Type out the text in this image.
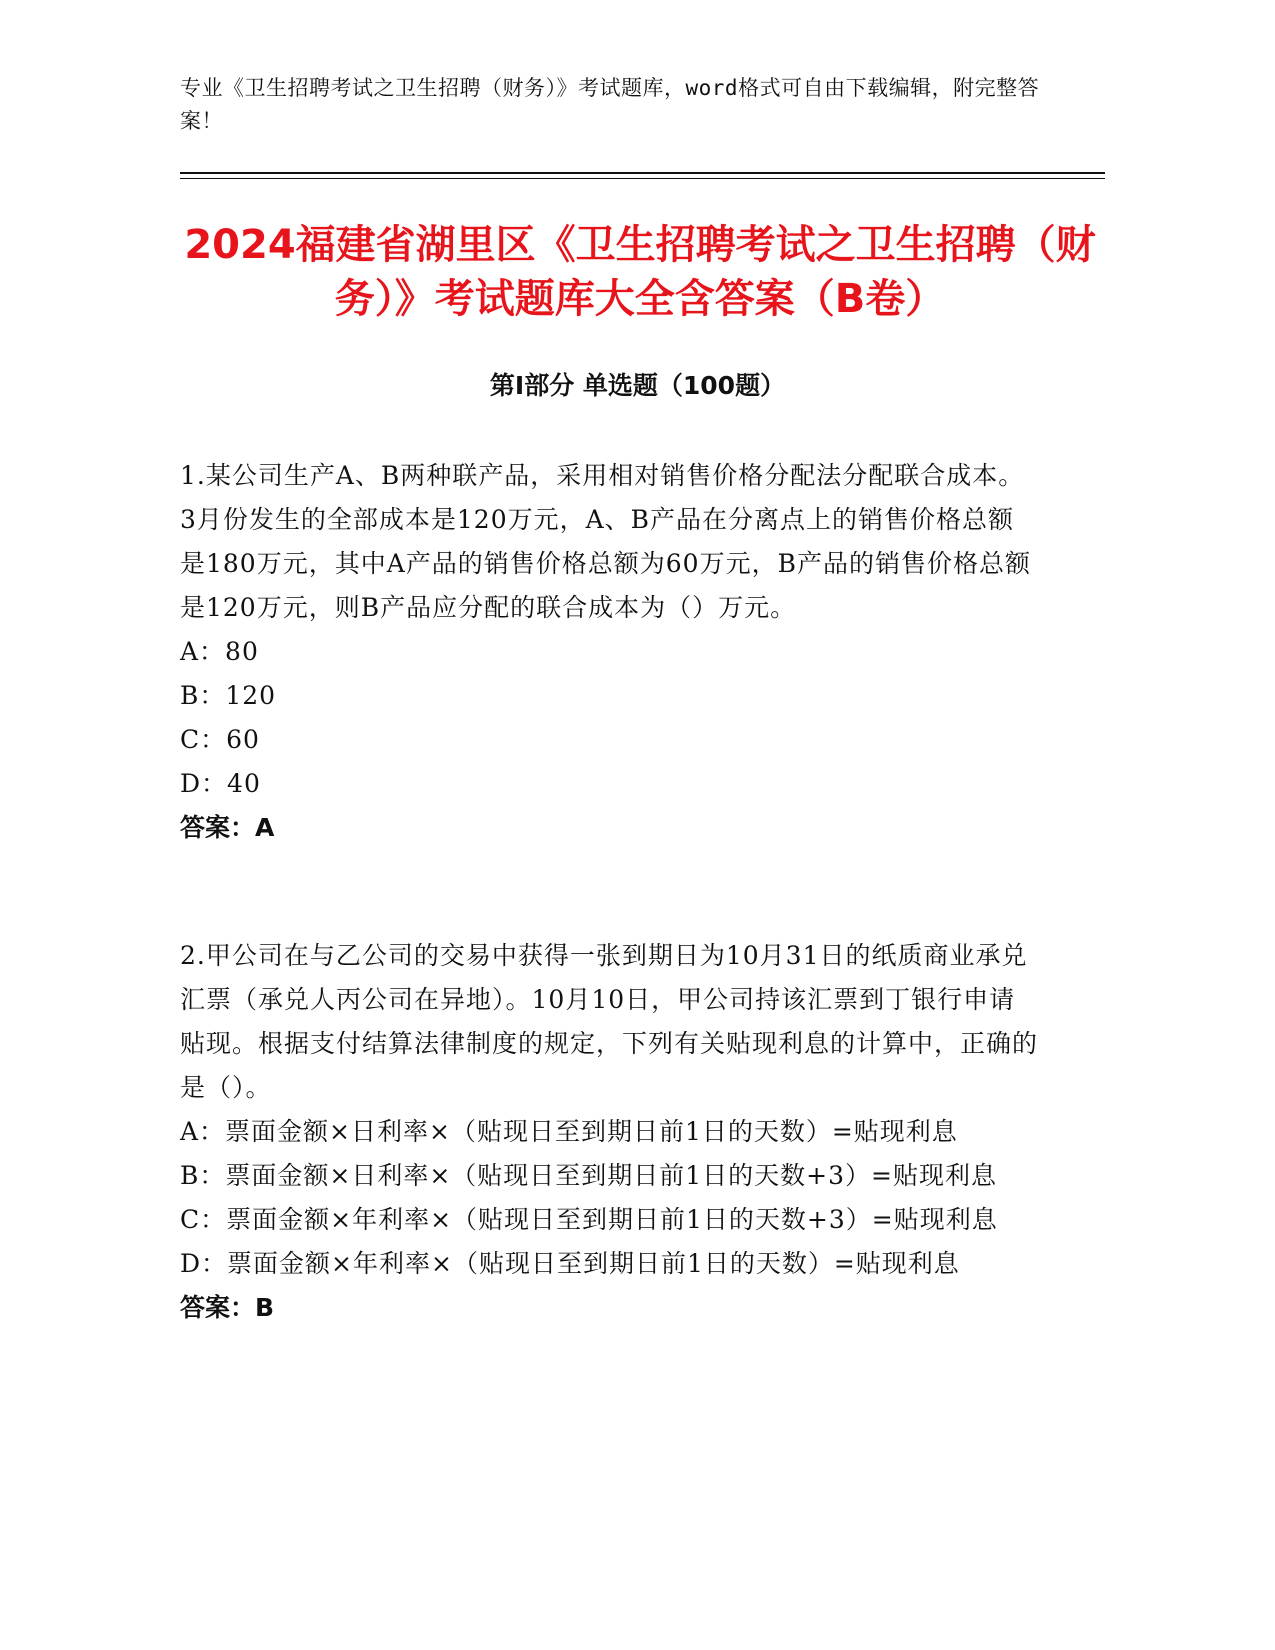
专业《卫生招聘考试之卫生招聘（财务）》考试题库，word格式可自由下载编辑，附完整答案！
2024福建省湖里区《卫生招聘考试之卫生招聘（财务）》考试题库大全含答案（B卷）
第I部分 单选题（100题）
1.某公司生产A、B两种联产品，采用相对销售价格分配法分配联合成本。3月份发生的全部成本是120万元，A、B产品在分离点上的销售价格总额是180万元，其中A产品的销售价格总额为60万元，B产品的销售价格总额是120万元，则B产品应分配的联合成本为（）万元。
A：80
B：120
C：60
D：40
答案：A
2.甲公司在与乙公司的交易中获得一张到期日为10月31日的纸质商业承兑汇票（承兑人丙公司在异地）。10月10日，甲公司持该汇票到丁银行申请贴现。根据支付结算法律制度的规定，下列有关贴现利息的计算中，正确的是（）。
A：票面金额×日利率×（贴现日至到期日前1日的天数）=贴现利息
B：票面金额×日利率×（贴现日至到期日前1日的天数+3）=贴现利息
C：票面金额×年利率×（贴现日至到期日前1日的天数+3）=贴现利息
D：票面金额×年利率×（贴现日至到期日前1日的天数）=贴现利息
答案：B
